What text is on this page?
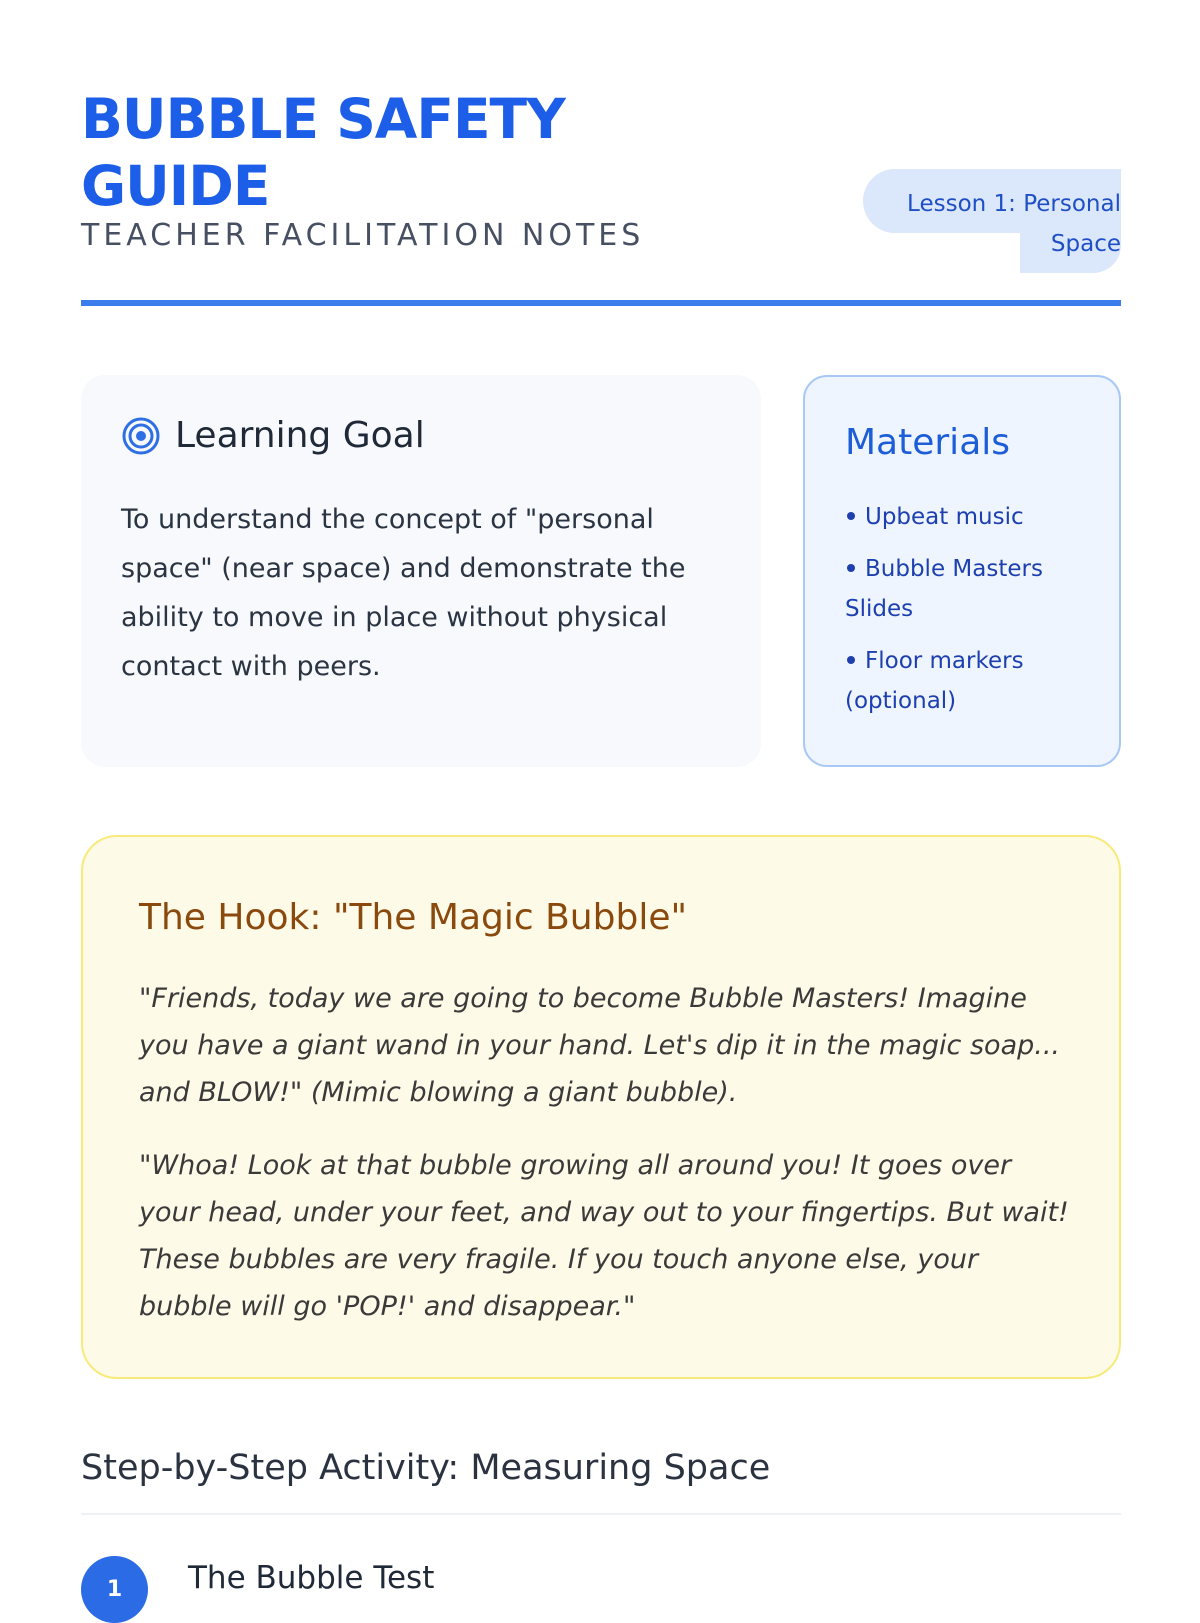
BUBBLE SAFETY
GUIDE
TEACHER FACILITATION NOTES
Lesson 1: Personal
Space
Learning Goal

To understand the concept of "personal space" (near space) and demonstrate the ability to move in place without physical contact with peers.

Materials
Upbeat music
Bubble Masters Slides
Floor markers (optional)
The Hook: "The Magic Bubble"

"Friends, today we are going to become Bubble Masters! Imagine you have a giant wand in your hand. Let's dip it in the magic soap... and BLOW!" (Mimic blowing a giant bubble).

"Whoa! Look at that bubble growing all around you! It goes over your head, under your feet, and way out to your fingertips. But wait! These bubbles are very fragile. If you touch anyone else, your bubble will go 'POP!' and disappear."

Step-by-Step Activity: Measuring Space
1	The Bubble Test
